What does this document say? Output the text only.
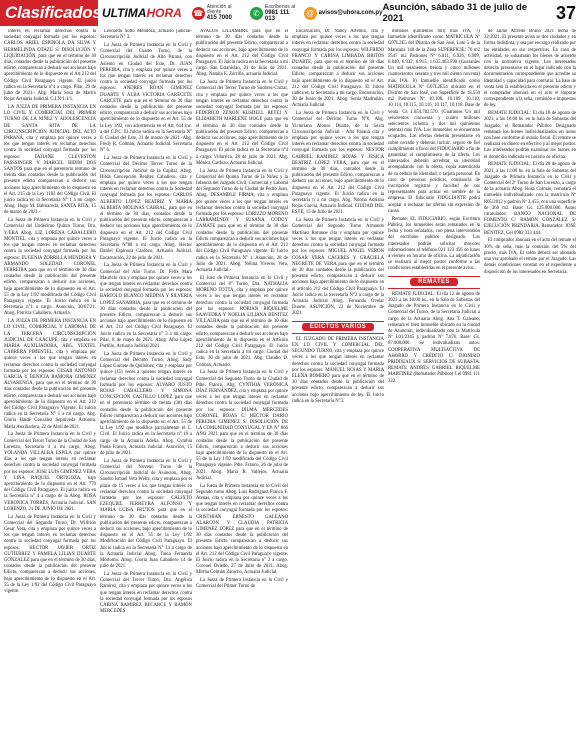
Clasificados ULTIMA HORA ☎
Atención al cliente
415 7000
✆
Escríbenos al
0981 111 013
@ avisos@uhora.com.py Asunción, sábado 31 de julio de 2021	37

interés en reclamar derechos contra la sociedad conyugal formada por los esposos: CARLOS ARIEL ESPINOLA DA SILVA Y HERMELINDA OTAZÚ S/ DISOLUCIÓN Y LIQUIDACIÓN, para que en el término de 30 días, contados desde la publicación del presente edicto, comparezcan a deducir sus acciones bajo apercibimiento de lo dispuesto en el Art.212 del Código Civil Paraguayo vigente. El juicio radica en la Secretaría n°4 a cargo. Pilar, 29 de julio de 2021.- Abg. María Sosa de Martín Rojas Actuaria Judicial. C.I.Nº1.1/1.

LA JUEZA DE PRIMERA INSTANCIA EN LO CIVIL Y COMERCIAL DEL PRIMER TURNO DE LA NIÑEZ Y ADOLESCENCIA DE SANTA RITA DE LA CIRCUNSCRIPCIÓN JUDICIAL DEL ALTO PARANÁ, cita y emplaza por quince veces a los que tengan interés en reclamar derechos contra la sociedad conyugal formada por los esposos: TATIANE CLEVESTON PASSSINGER Y MARCEL BIDIM DOS SANTOS para que en el perentorio término de treinta días contados desde la publicación del presente edicto comparezcan a deducir sus acciones bajo apercibimiento de lo dispuesto en el Art. 215 de la Ley 1183 del Código Civil. El juicio radica en la Secretaría N° 1 a mi cargo. Abog. Hugo M. Balmaceda, SANTA RITA, 15 de marzo de 2021.-

La Jueza de Primera Instancia en lo Civil y Comercial del Undécimo Quinto Turno, Dra. Y/ERA Abog. LIZ LORENA CABALLERO MONTIEL, cita y emplaza por quince veces a los que tengan interés en reclamar derechos contra la sociedad conyugal formada por los esposos: EUGENIA ZORRILLA MENDOZA Y ARMANDO SOLEDAD CORONEL FERREIRA para que en el término de 30 días contados desde la publicación del presente edicto, comparezcan a deducir sus acciones, bajo apercibimiento de lo dispuesto en el Art. 55 de la Ley 1/92 modificada del Código Civil Paraguayo vigente. El Juicio radica en la Secretaría n°1 a cargo. Asunción, 30/07/21. Abog. Patricia Caballero, Actuaria.

LA JUEZA DE PRIMERA INSTANCIA EN LO CIVIL, COMERCIAL Y LABORAL DE LA TERCERA CIRCUNSCRIPCIÓN JUDICIAL DE CAACUPÉ, cita y emplaza en MARIA AUXILIADORA, ABG. YEXTEL CABRERA PIMENTEL, cita y emplaza por quince veces a los que tengan interés en reclamar derechos contra la sociedad conyugal formada por los esposos: CESAR ANTONIO GARCIA Y BENICIA RAMONA GIMENEZ ALVARENGA, para que en el término de 30 días contados desde la publicación del presente edicto, comparezcan a deducir sus acciones bajo apercibimiento de lo dispuesto en el Art. 212 del Código Civil Paraguayo Vigente. El Juicio radica en la Secretaría N° 1 a mi cargo. Abg. Gloria Haidé González Sepúlveda Actuaria. María Auxiliadora, 22 de Abril de 2021.

La Jueza de Primera Instancia en lo Civil y Comercial del Tercer Turno de la Ciudad de San Lorenzo, Secretaría 4 a mi cargo, Abog. YOLANDA VILLALBA ESPILA por quince días a los que tengan interés en reclamar derechos contra la sociedad conyugal formada por los esposos: JOSE LUIS GIMENEZ VERA Y LINA RAQUEL ORTIGOZA, bajo apercibimiento de lo dispuesto en el Art. 770 del Código Civil Paraguayo. El juicio radica en la Secretaría n° 4 a cargo de la Abog. ROSA VERONICA TORRES, Actuaria Judicial. SAN LORENZO, 21 DE JUNIO DE 2021.

La Jueza de Primera Instancia en lo Civil y Comercial del Segundo Turno, Dr. Wilfrido Cesar Vera, cita y emplaza por quince veces a los que tengan interés en reclamar derechos contra la sociedad conyugal formada por los esposos: HECTOR JAVIER ORTIZ GUTIERREZ Y PAMELA LILIAN DUARTE GONZALEZ para que en el término de 30 días, contados desde la publicación del presente Edicto, comparezcan a deducir sus acciones, bajo apercibimiento de lo dispuesto en el Art. 55 de la Ley 1/92 del Código Civil Paraguayo vigente.

Leonardo Sotto Mendoza, actuario judicial-Secretaría N° 3.

La Jueza de Primera Instancia en lo Civil y Comercial del Cuarto Turno, de la Circunscripción Judicial de Alto Paraná, con Asiento en Ciudad del Este, Dr. JUAN PEREIRA, cita y emplaza por quince veces a los que tengan interés en reclamar derechos contra la sociedad conyugal formada por los esposos: ANDRES ROAN GIMENEZ DUARTE Y ALBA VICTORIA GARECETE GARCETE para que en el término de 30 días contados desde la publicación del presente edicto, comparezcan a deducir sus acciones bajo apercibimiento de lo dispuesto en el Art. 55 de la Ley 1/92, con advertencia en el Art. 614 inc. a del C.P.C. El Juicio radica en la Secretaría N° 6. Ciudad del Este, 31 de marzo de 2021.-Abg. Fredy R. Colman, Actuario Judicial. Secretaría N° 6.

La Jueza de Primera Instancia en lo Civil y Comercial del Décimo Tercer Turno de la Circunscripción Judicial de la Capital, Abog. Hilda Concepción Benítez Caballero, cita y emplaza por quince veces a los que tengan interés en reclamar derechos contra la Sociedad conyugal formada por los esposos: CARLOS ALBERTO LOPEZ BEATRIZ Y MARIA ALBERTA MOLINAS CABRAL, para que en el término de 30 días, contados desde la publicación del presente edicto, comparezcan a deducir sus acciones bajo apercibimiento de lo dispuesto en el Art. 212 del Código Civil Paraguayo vigente. El Juicio radica en la Secretaría N°88 a mi cargo. Abog. Héctor Daniel Espinoza Cardozo, Actuario Judicial. Encarnación, 22 de julio de 2021.

La Jueza de Primera Instancia en lo Civil y Comercial del Año Turno. Dr. Félix Mara Mauricio cita y emplaza por quince veces a los que tengan interés en reclamar derechos contra la sociedad conyugal formada por los esposos: BARTOLO BLANCO MEDINA Y SILVERIA LOPEZ SANABRIA, para que en el término de 30 días contados desde la publicación del presente Edicto, comparezcan a deducir sus acciones bajo apercibimiento de lo dispuesto en el Art. 212 del Código Civil Paraguayo. El Juicio radica en la Secretaría n° 3 a mi cargo. Pilar, 8 de mayo de 2021. Abog. Alba López Portillo, Actuaria Judicial 2021.

La Jueza de Primera Instancia en lo Civil y Comercial del Décimo Turno, Abog. Sady López Garcete de Quiñónez, cita y emplaza por quince (15) veces a quienes tengan interés en reclamar derechos contra la sociedad conyugal formada por los esposos: ALVARO JUSTO ROJAS CABALLERO Y SIMONA CONCEPCION CASTILLO LOPEZ para que en el perentorio término de treinta (30) días contados desde la publicación del presente Edicto comparezcan a deducir sus acciones bajo apercibimiento de lo dispuesto en el Art. 55 de la Ley 1/92 que modifica parcialmente el C. Civil. El Juicio radica en la Secretaría n° 19 a cargo de la Actuaria Adelia. Abog. Cynthia Paola Franco, Actuaria Judicial. Asunción, 15 de julio de 2021.

La Jueza de Primera Instancia en lo Civil y Comercial del Noveno Turno de la Circunscripción Judicial de Asunción, Abog. Sandro Ismael Vera Wéltz, cita y emplaza por el plazo de 15 veces a los que tengan interés en reclamar derechos contra la sociedad conyugal formada por los esposos: CALIXTO EZEQUIEL FERREYRA ALFONSO Y MARIA LUISA FRUTOS para que en el término de 30 días contados desde la publicación del presente edicto, comparezcan a deducir sus acciones, bajo apercibimiento de lo dispuesto en el Art. 55 de la Ley 1/92 Modificación del Código Civil Paraguayo. El Juicio radica en la Secretaría N° 14 a cargo de la Actuaria Judicial Abog. Tania Fernanda Mórlomo. Abog. Gloria Juan Caballero 14 de julio de 2021.

La Jueza de Primera Instancia en lo Civil y Comercial del Tercer Turno, Dra. Angélica Ramírez, cita y emplaza por quince veces a los que tengan interés en reclamar derechos contra la sociedad conyugal formada por los esposos CARINA RAMIREZ BECARCE Y RAMÓN MERCEDES

AVALOS LILIAMBRE para que en el término de 30 días contados desde la publicación del presente Edicto, comparezcan a deducir sus acciones, bajo apercibimiento de lo dispuesto en el Art. 212 del Código Civil Paraguayo. El Juicio radica en la Secretaría a mi cargo. San Estanislao, 21 de Julio de 2021. Abog. Natalia E. Zorrilla, actuaria Judicial.

La Jueza de Primera Instancia en lo Civil y Comercial del Tercer Turno de Sudórez-Cnizar, cita y emplaza por quince veces a los que tengan interés en reclamar derechos contra la sociedad conyugal formada por los esposos: FEDERICO ZENON KUSDELL RETEJ Y ELIZABETH MARLENE HOGE para que en el término de 30 días contados desde la publicación del presente Edicto, comparezcan a deducir sus acciones, bajo apercibimiento de lo dispuesto en el Art. 212 del Código Civil Paraguayo. El juicio radica en la Secretaría n°4 a cargo. Villarrica, 28 de julio de 2021. Abg. Mónica Cardozo, Actuaria Judicial.

La Jueza de Primera Instancia en lo Civil y Comercial del Quinto Turno de la Niñez y la Infancia del Juzgado Civil, Comercial y Laboral del Segundo Turno de la Ciudad de Pedro Juan, Abog. DESAMBLE FIRMA, cita y emplaza por quince veces a los que tengan interés en reclamar derechos contra la sociedad conyugal formada por los esposos: LORIZZO MORENO LARRAMENDY Y SUSANA GODOY ZAMATE para que en el término de 30 días contados desde la publicación del presente Edicto comparezcan a deducir sus acciones bajo apercibimiento de lo dispuesto en el Art. 212 del Código Civil Paraguayo vigente. El Juicio radica en la Secretaría N° 1. Asunción, 28 de Julio de 2021. Abog. Nélida Viveros Vera, Actuaria Judicial.-

El Juez de Primera Instancia en lo Civil y Comercial del 8° Turno, Dra. NATHALIA MORENO TOTTA, cita y emplaza por quince veces a los que tengan interés en reclamar derechos contra la sociedad conyugal formada por los esposos: ROBIAN RIQUELME SAAVEDRA Y NOELIA LILIANA BENITEZ VILLALBA para que en el término de 30 días contados desde la publicación del presente edicto, comparezcan a deducir sus acciones bajo apercibimiento de lo dispuesto en el Artículo 212 del Código Civil Paraguayo. El Juicio radica en la Secretaría a mi cargo. Ciudad del Este, 30 de julio de 2021. Abg. Claudio D. Colman, Actuario.

La Jueza de Primera Instancia en lo Civil y Comercial del Segundo Turno de la Ciudad de Pdte. Franco, Abg. CYNTHIA VERÓNICA DÍAZ FERNÁNDEZ, cita y emplaza por quince veces a los que tengan interés en reclamar derechos contra la sociedad conyugal formada por los esposos: DILMA MERCEDES CORONEL ROJAS C/ HECTOR DARIO PEREIRA GIMENEZ S/ DISOLUCIÓN DE LA COMUNIDAD CONYUGAL Y EP. N° 866 AÑO 2021 para que en el término de 30 días contados desde la publicación del presente Edicto, comparezcan a deducir sus acciones bajo apercibimiento de lo dispuesto en el Art. 55 de la Ley 1/92 modificada del Código Civil Paraguayo vigente. Pdte. Franco, 26 de julio de 2021. Abog. María R. Vallejos, Actuaria Judicial.

La Jueza de Primera Instancia en lo Civil del Segundo turno Abog. Luis Rodríguez Franco F. Atenas, cita y emplaza por quince veces a los que tengan interés en reclamar derechos contra la sociedad conyugal formada por los esposos: CRISTHIAN ERNESTO GALEANO ALARCON Y CLAUDIA PATRICIA GIMENEZ LOPEZ para que en el término de 30 días contados desde la publicación del presente Edicto comparezcan a deducir sus acciones bajo apercibimiento de lo dispuesto en el Art. 212 del Código Civil Paraguayo vigente. El Juicio radica en la Secretaría n° 2 a cargo. Coronel Oviedo, 27 de Julio de 2021. Abog. Mirtha Colmán Zaracho, Actuaria Judicial.

La Jueza de Primera Instancia en lo Civil y Comercial del Primer Turno de

Encarnación, Dr. Nancy Artemio, cita y emplaza por quince veces a los que tengan interés en reclamar derechos contra la sociedad conyugal formada por los esposos: WILFRIDO FRANCO Y CARINA LIMBADA BRITOS DUARTE, para que en el término de 30 días contados desde la publicación del presente Edicto, comparezcan a deducir sus acciones bajo apercibimiento de lo dispuesto en el Art. 212 del Código Civil Paraguayo. El Juicio radica en la Secretaría a mi cargo. Encarnación, 30 de Junio de 2021. Abog. Sonia Madruñán. Actuaria Judicial.

La Jueza de Primera Instancia en lo Civil y Comercial del Décimo Turno N°6, Abg. Victoriana Alonso Duarte, de la Sexta Circunscripción Judicial - Alto Paraná cita y emplaza por quince veces a los que tengan interés en reclamar derechos contra la sociedad conyugal formada por los esposos: NESTOR GABRIEL RAMIREZ ROJAS Y JESICA BEATRIZ LÓPEZ VERA, para que en el término de 30 días, contados desde la publicación del presente Edicto, comparezcan a deducir sus acciones, bajo apercibimiento de lo dispuesto en el Art. 212 del Código Civil Paraguayo vigente. El Juicio radica en la secretaría n a mi cargo. Abg. Norma Adriana Rojas García, Actuaria Judicial. CIUDAD DEL ESTE, 15 de Julio de 2021.

La Jueza de Primera Instancia en lo Civil y Comercial del Segundo Turno Armando Martínez Rotunoe cita y emplaza por quince veces a los que tengan interés en reclamar derechos contra la sociedad conyugal formada por los esposos: MIGUEL ANGEL VERON COSAR VERA CÁCERES Y GRACIELA NEGRETE DE VERA para que en el término de 30 días contados desde la publicación del presente edicto, comparezcan a deducir sus acciones bajo apercibimiento de lo dispuesto en el artículo 212 del Código Civil Paraguayo. El Juicio radica en la Secretaría N°2 a cargo de la Actuaria Judicial Abog. Fernando Ovelar Duarte. ASUNCIÓN, 22 de Noviembre de 2021.

EDICTOS VARIOS

EL JUZGADO DE PRIMERA INSTANCIA EN LO CIVIL Y COMERCIAL DEL SEGUNDO TURNO, cita y emplaza por quince veces a los que tengan interés en reclamar derechos contra la sociedad conyugal formada por los esposos: MANUEL ROJAS Y MARIA ELENA ROMERO para que en el término de 30 días contados desde la publicación del presente edicto, comparezcan a deducir sus acciones bajo apercibimiento de ley. El Juicio radica en la Secretaría N°3.

millones quinientos mil) más IVA, 7) Inmueble identificado como MATRICULA Nº G07L2E5 del Distrito de San José, Lote 5 de la Manzana 140 de la Zona SUPERFICIE: 70 m2 5547 m2 Padrones Nº 6.811, 6.926, 6.909, 6.840, 6.932, 6.915, 1.635.463.590 (Guaraníes Un mil seiscientos treinta y cinco millones cuatrocientos sesenta y tres mil ciento noventa) más IVA. 8) Inmueble identificado como MATRICULA Nº G07L2E54 ubicado en el Distrito de San José, con Superficie de 18.550 m2 Padrones Nº 10.108, 10.109, 10.110, 10.114, 10.115, 10.116, 10.117, 10.118. Base de venta: Gs 1.654.782.570. (Guaraníes Un mil seiscientos cincuenta y cuatro millones setecientos ochenta y dos mil quinientos setenta) más IVA. Los inmuebles se encuentran ocupados. Las ofertas deberán presentarse en sobre cerrado y deberán incluir: seguro de fiel cumplimiento a favor del FIDUCIARIO a fin de garantizar el cumplimiento de la oferta. Los interesados deberán acreditar su identidad acompañando con la oferta, copia autenticada de su cédula de identidad, o tarjeta personal. En caso de personas jurídicas, constancia de inscripción registral y facultad de sus representantes para actuar en nombre de la empresa. El fiduciario FIDUCIANTE podrá aceptar o rechazar las ofertas sin expresión de causa.

Remate: EL FIDUCIARIO, según Escritura Pública, los inmuebles serán rematados en la fecha y hora señalados, con plena intervención del escribano público designado. Los interesados podrán solicitar mayores informaciones al teléfono 021 123 456 de lunes a viernes en horario de oficina. La adjudicación se realizará al mejor postor conforme a las condiciones establecidas en el presente aviso.

REMATES

REMATE JUDICIAL: El día 12 de agosto de 2021 a las 10:00 hs., en la Sala de Subastas del Juzgado de Primera Instancia en lo Civil y Comercial del Turno, de la Secretaría Judicial a cargo de la Actuaria Abog. Ana T. Galeano, rematará el bien inmueble ubicado en la ciudad de Asunción, individualizado con la Matrícula Nº L01/2345 y padrón Nº 7.876. Base: Gs. 87.000.000. Se individualizan autos: COOPERATIVA MULTIACTIVA DE AHORRO Y CRÉDITO C/ DIONISIO PRIDDEAUX S/ SERVICIOS DE SUBASTA. REMATE ANDRES GABRIEL RIQUELME MARTINEZ (Rematador Público) Cel 0981 111 222.

de Jaime Alfredo Bruno 2021 fecha de 22/2021. El presente aviso se dos ciudades y en forma indistinta, y sea por encargo realizado por las entidades en sus respectivas. En caso de actividad, se subastarán los bienes de acuerdo con la normativa vigente. Los interesados deberán presentarse en el lugar indicado con la documentación correspondiente que acredite su identidad y capacidad para contratar. La base de venta será la establecida en el presente edicto y el comprador abonará en el acto el importe correspondiente a la seña, comisión e impuestos de ley.

REMATE JUDICIAL: El día 18 de agosto de 2021, a las 10:00 hs. en la Sala de Subastas del Juzgado, el Rematador Público Designado rematará los bienes individualizados en autos con base conforme al avalúo fiscal. El remate se realizará en dinero en efectivo y al mejor postor. Los interesados podrán examinar los bienes en el domicilio indicado en horario de oficina.

REMATE JUDICIAL: El día 20 de agosto de 2021, a las 11:00 hs. en la Sala de Subastas del Juzgado de Primera Instancia en lo Civil y Comercial del 2º Turno de San Lorenzo, a cargo de la actuaria Abog. Rosa Colmán, rematará el inmueble individualizado con la matrícula Nº R05/2812 y padrón Nº 3.455, con una superficie de 360 m2. Base: Gs. 125.000.000. Autos caratulados: BANCO NACIONAL DE FOMENTO C/ RAMÓN GONZÁLEZ S/ EJECUCIÓN PRENDARIA. Rematador: JOSÉ BENITEZ, Cel 0982 333 444.

El comprador abonará en el acto del remate el 10% de seña, más la comisión del 5% del precio, más IVA. El saldo deberá ser abonado una vez aprobado el remate por el Juzgado. Las demás condiciones constan en el expediente a disposición de los interesados en Secretaría.
